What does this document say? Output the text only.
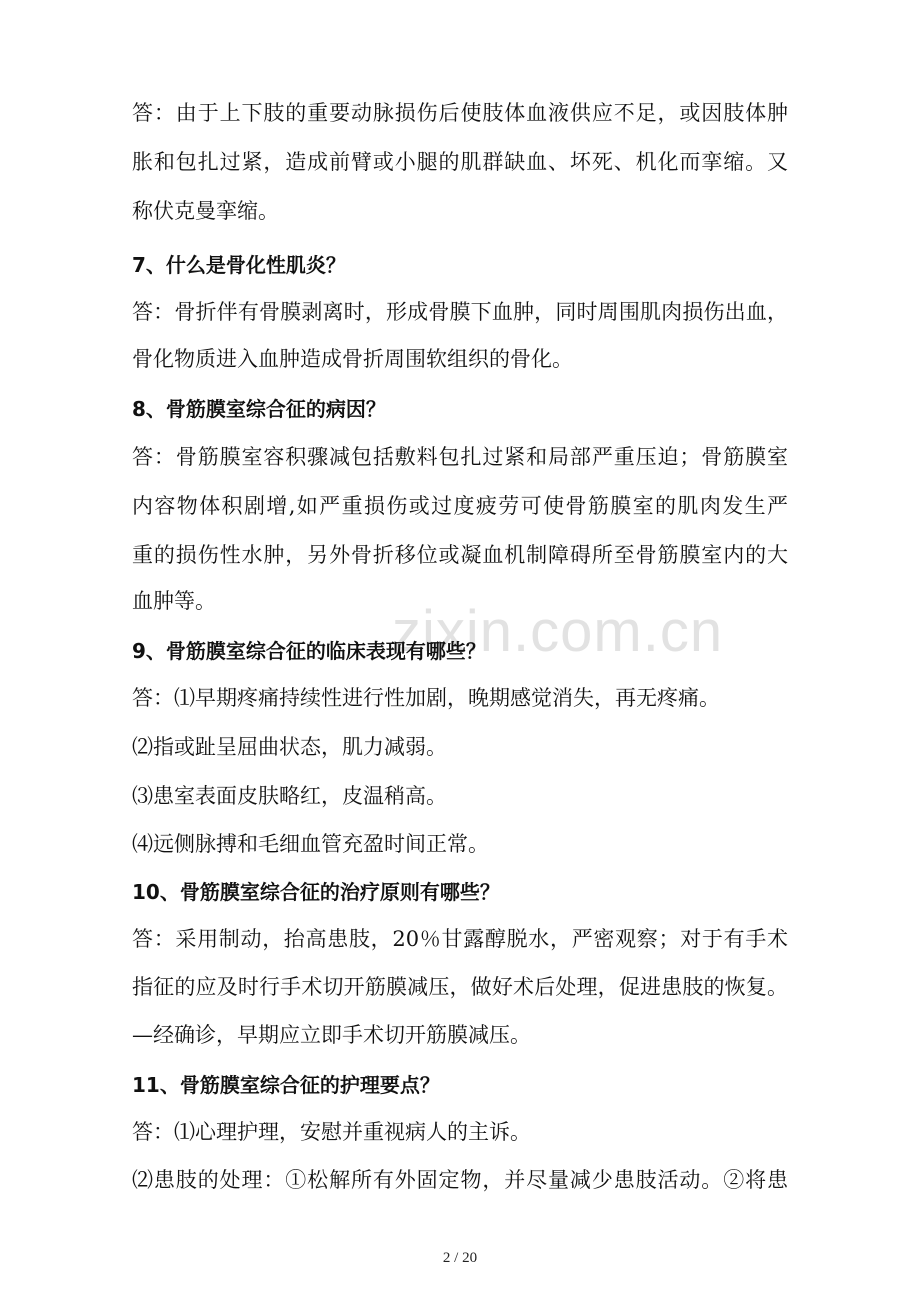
zixin.com.cn
答：由于上下肢的重要动脉损伤后使肢体血液供应不足，或因肢体肿
胀和包扎过紧，造成前臂或小腿的肌群缺血、坏死、机化而挛缩。又
称伏克曼挛缩。
7、什么是骨化性肌炎？
答：骨折伴有骨膜剥离时，形成骨膜下血肿，同时周围肌肉损伤出血，
骨化物质进入血肿造成骨折周围软组织的骨化。
8、骨筋膜室综合征的病因？
答：骨筋膜室容积骤减包括敷料包扎过紧和局部严重压迫；骨筋膜室
内容物体积剧增,如严重损伤或过度疲劳可使骨筋膜室的肌肉发生严
重的损伤性水肿，另外骨折移位或凝血机制障碍所至骨筋膜室内的大
血肿等。
9、骨筋膜室综合征的临床表现有哪些？
答：⑴早期疼痛持续性进行性加剧，晚期感觉消失，再无疼痛。
⑵指或趾呈屈曲状态，肌力减弱。
⑶患室表面皮肤略红，皮温稍高。
⑷远侧脉搏和毛细血管充盈时间正常。
10、骨筋膜室综合征的治疗原则有哪些？
答：采用制动，抬高患肢，20％甘露醇脱水，严密观察；对于有手术
指征的应及时行手术切开筋膜减压，做好术后处理，促进患肢的恢复。
—经确诊，早期应立即手术切开筋膜减压。
11、骨筋膜室综合征的护理要点？
答：⑴心理护理，安慰并重视病人的主诉。
⑵患肢的处理：①松解所有外固定物，并尽量减少患肢活动。②将患
2 / 20
